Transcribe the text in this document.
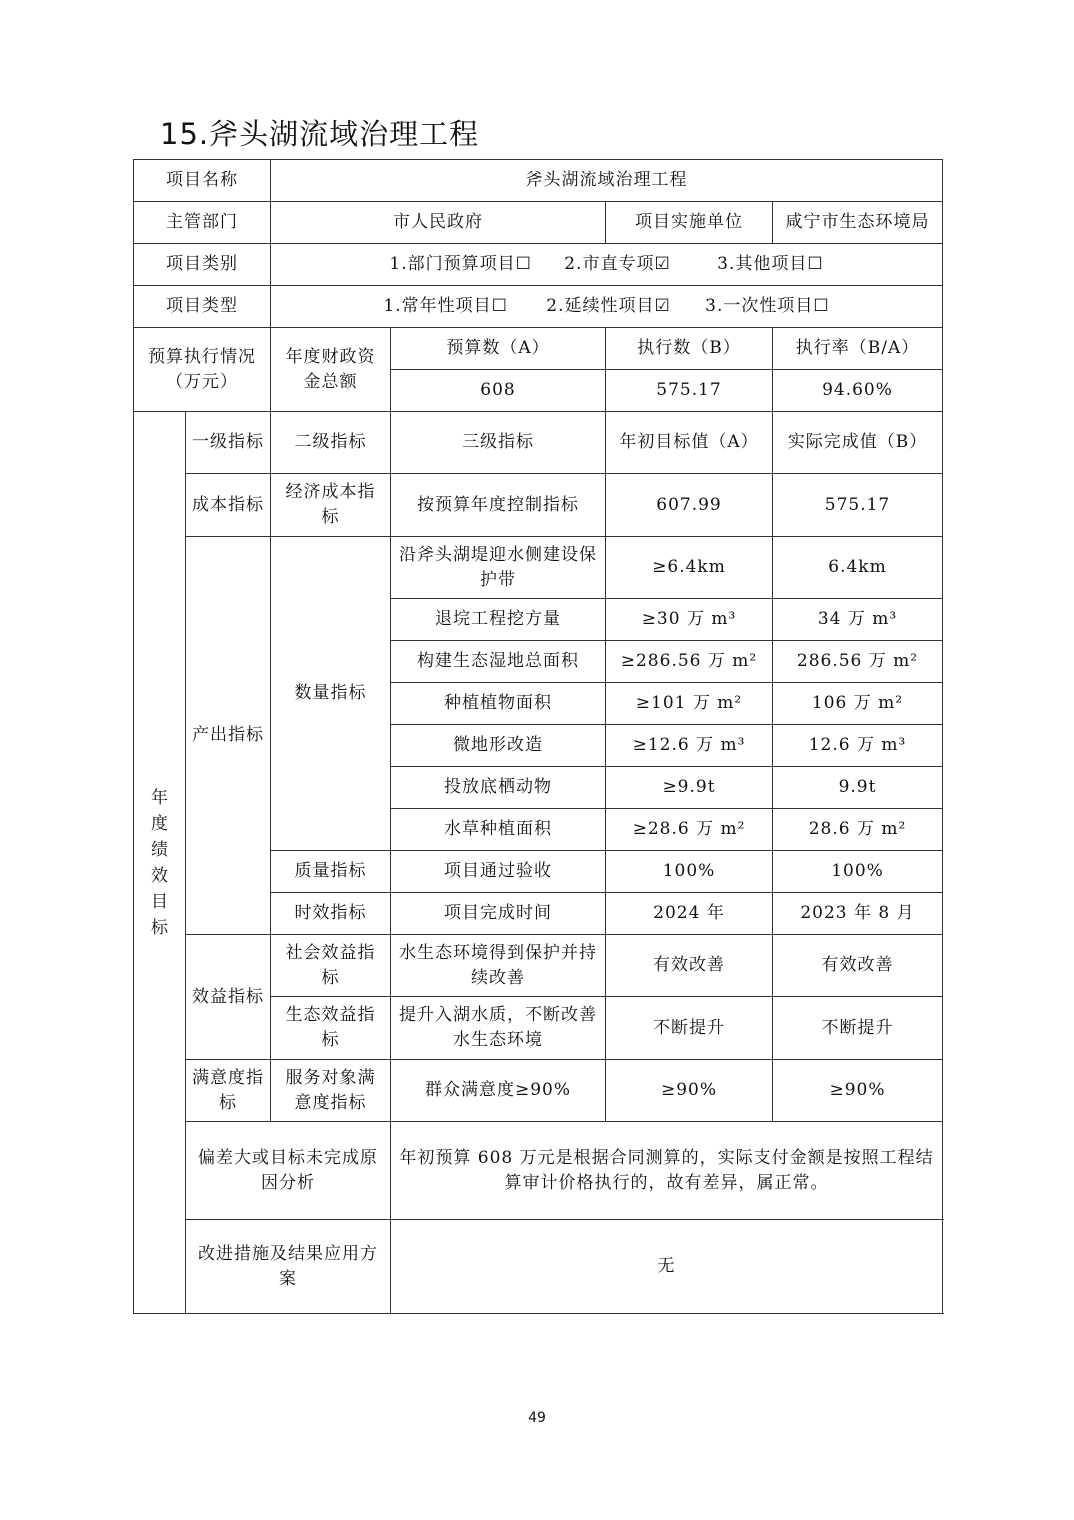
15.斧头湖流域治理工程
项目名称		斧头湖流域治理工程			
主管部门		市人民政府		项目实施单位	咸宁市生态环境局
项目类别		1.部门预算项目☐ 2.市直专项☑ 3.其他项目☐			
项目类型		1.常年性项目☐ 2.延续性项目☑ 3.一次性项目☐			
预算执行情况（万元）		年度财政资金总额	预算数（A）	执行数（B）	执行率（B/A）
			608	575.17	94.60%
年度绩效目标	一级指标	二级指标	三级指标	年初目标值（A）	实际完成值（B）
	成本指标	经济成本指标	按预算年度控制指标	607.99	575.17
	产出指标	数量指标	沿斧头湖堤迎水侧建设保护带	≥6.4km	6.4km
			退垸工程挖方量	≥30 万 m³	34 万 m³
			构建生态湿地总面积	≥286.56 万 m²	286.56 万 m²
			种植植物面积	≥101 万 m²	106 万 m²
			微地形改造	≥12.6 万 m³	12.6 万 m³
			投放底栖动物	≥9.9t	9.9t
			水草种植面积	≥28.6 万 m²	28.6 万 m²
		质量指标	项目通过验收	100%	100%
		时效指标	项目完成时间	2024 年	2023 年 8 月
	效益指标	社会效益指标	水生态环境得到保护并持续改善	有效改善	有效改善
		生态效益指标	提升入湖水质，不断改善水生态环境	不断提升	不断提升
	满意度指 标	服务对象满意度指标	群众满意度≥90%	≥90%	≥90%
	偏差大或目标未完成原因分析		年初预算 608 万元是根据合同测算的，实际支付金额是按照工程结算审计价格执行的，故有差异，属正常。		
	改进措施及结果应用方案		无		
49
